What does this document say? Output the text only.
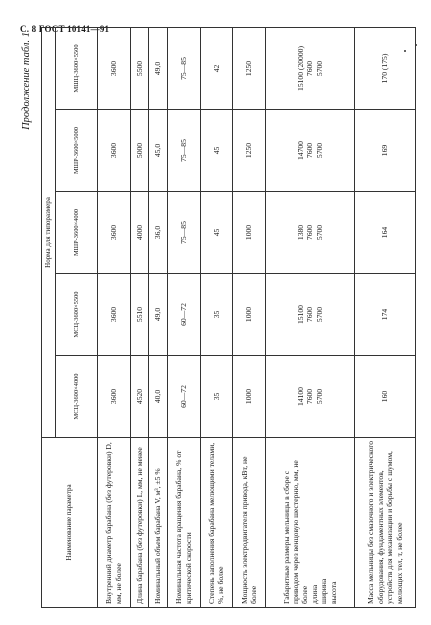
С. 8 ГОСТ 10141—91
Продолжение табл. 1
Наименование параметра	Норма для типоразмера				
	МСЦ-3600×4000	МСЦ-3600×5500	МШР-3600×4000	МШР-3600×5000	МШЦ-3600×5500
Внутренний диаметр барабана (без футеровки) D, мм, не более	3600	3600	3600	3600	3600
Длина барабана (без футеровки) L, мм, не менее	4520	5510	4000	5000	5500
Номинальный объем барабана V, м³, ±5 %	40,0	49,0	36,0	45,0	49,0
Номинальная частота вращения барабана, % от критической скорости	60—72	60—72	75—85	75—85	75—85
Степень заполнения барабана мелющими телами, %, не более	35	35	45	45	42
Мощность электродвигателя привода, кВт, не более	1000	1000	1000	1250	1250
Габаритные размеры мельницы в сборе с приводом через венцовую шестерню, мм, не более длина ширина высота	14100 7600 5700	15100 7600 5700	1380 7600 5700	14700 7600 5700	15100 (20000) 7600 5700

Масса мельницы без смазочного и электрического оборудования, фундаментных элементов, устройств для механизации и борьбы с шумом, мелющих тел, т, не более	160	174	164	169	170 (175)
